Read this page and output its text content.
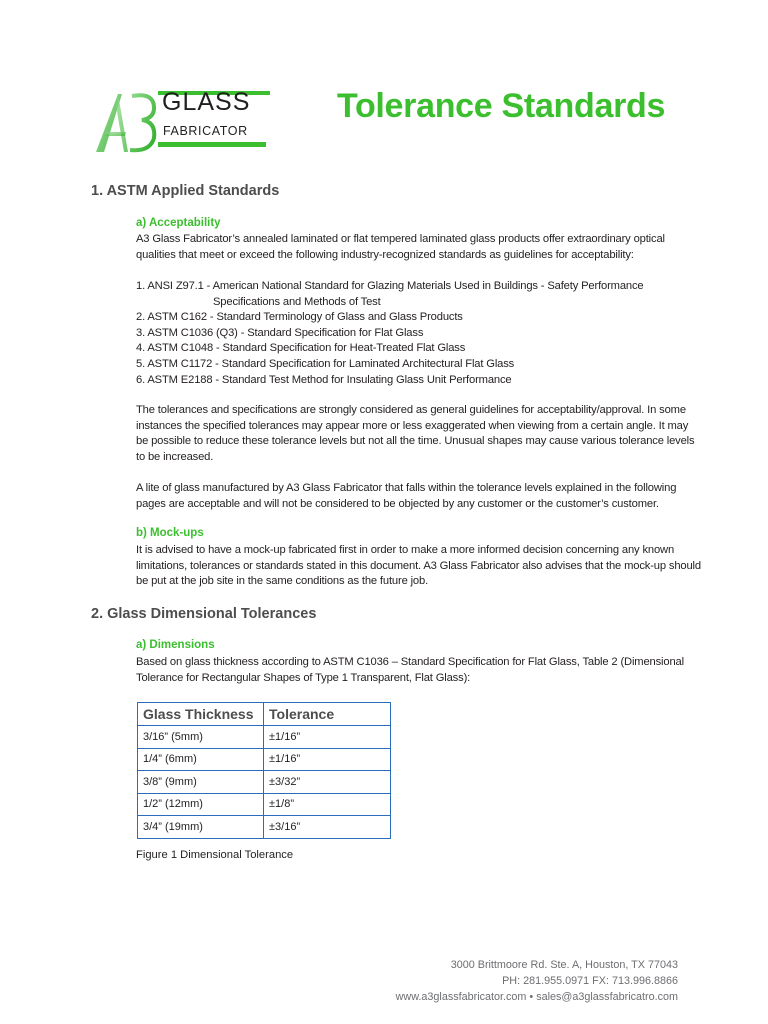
GLASS
FABRICATOR
Tolerance Standards
1. ASTM Applied Standards
a) Acceptability

A3 Glass Fabricator’s annealed laminated or flat tempered laminated glass products offer extraordinary optical
qualities that meet or exceed the following industry-recognized standards as guidelines for acceptability:

1. ANSI Z97.1 - American National Standard for Glazing Materials Used in Buildings - Safety Performance
Specifications and Methods of Test
2. ASTM C162 - Standard Terminology of Glass and Glass Products
3. ASTM C1036 (Q3) - Standard Specification for Flat Glass
4. ASTM C1048 - Standard Specification for Heat-Treated Flat Glass
5. ASTM C1172 - Standard Specification for Laminated Architectural Flat Glass
6. ASTM E2188 - Standard Test Method for Insulating Glass Unit Performance

The tolerances and specifications are strongly considered as general guidelines for acceptability/approval. In some
instances the specified tolerances may appear more or less exaggerated when viewing from a certain angle. It may
be possible to reduce these tolerance levels but not all the time. Unusual shapes may cause various tolerance levels
to be increased.

A lite of glass manufactured by A3 Glass Fabricator that falls within the tolerance levels explained in the following
pages are acceptable and will not be considered to be objected by any customer or the customer’s customer.

b) Mock-ups

It is advised to have a mock-up fabricated first in order to make a more informed decision concerning any known
limitations, tolerances or standards stated in this document. A3 Glass Fabricator also advises that the mock-up should
be put at the job site in the same conditions as the future job.

2. Glass Dimensional Tolerances
a) Dimensions

Based on glass thickness according to ASTM C1036 – Standard Specification for Flat Glass, Table 2 (Dimensional
Tolerance for Rectangular Shapes of Type 1 Transparent, Flat Glass):

Glass Thickness	Tolerance
3/16” (5mm)	±1/16”
1/4” (6mm)	±1/16”
3/8” (9mm)	±3/32”
1/2” (12mm)	±1/8”
3/4” (19mm)	±3/16”

Figure 1 Dimensional Tolerance

3000 Brittmoore Rd. Ste. A, Houston, TX 77043
PH: 281.955.0971 FX: 713.996.8866
www.a3glassfabricator.com • sales@a3glassfabricatro.com
